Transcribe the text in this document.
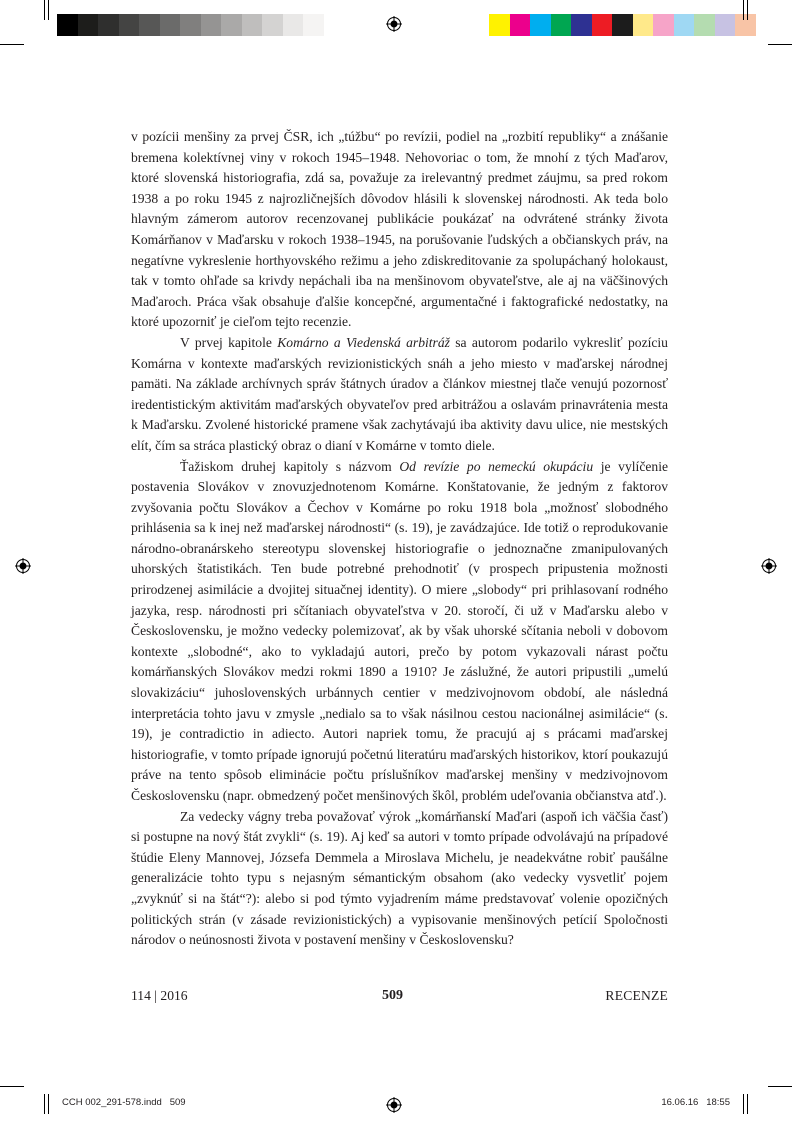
v pozícii menšiny za prvej ČSR, ich „túžbu“ po revízii, podiel na „rozbití republiky“ a znášanie bremena kolektívnej viny v rokoch 1945–1948. Nehovoriac o tom, že mnohí z tých Maďarov, ktoré slovenská historiografia, zdá sa, považuje za irelevantný predmet záujmu, sa pred rokom 1938 a po roku 1945 z najrozličnejších dôvodov hlásili k slovenskej národnosti. Ak teda bolo hlavným zámerom autorov recenzovanej publikácie poukázať na odvrátené stránky života Komárňanov v Maďarsku v rokoch 1938–1945, na porušovanie ľudských a občianskych práv, na negatívne vykreslenie horthyovského režimu a jeho zdiskreditovanie za spolupáchaný holokaust, tak v tomto ohľade sa krivdy nepáchali iba na menšinovom obyvateľstve, ale aj na väčšinových Maďaroch. Práca však obsahuje ďalšie koncepčné, argumentačné i faktografické nedostatky, na ktoré upozorniť je cieľom tejto recenzie.

V prvej kapitole Komárno a Viedenská arbitráž sa autorom podarilo vykresliť pozíciu Komárna v kontexte maďarských revizionistických snáh a jeho miesto v maďarskej národnej pamäti. Na základe archívnych správ štátnych úradov a článkov miestnej tlače venujú pozornosť iredentistickým aktivitám maďarských obyvateľov pred arbitrážou a oslavám prinavrátenia mesta k Maďarsku. Zvolené historické pramene však zachytávajú iba aktivity davu ulice, nie mestských elít, čím sa stráca plastický obraz o dianí v Komárne v tomto diele.

Ťažiskom druhej kapitoly s názvom Od revízie po nemeckú okupáciu je vylíčenie postavenia Slovákov v znovuzjednotenom Komárne. Konštatovanie, že jedným z faktorov zvyšovania počtu Slovákov a Čechov v Komárne po roku 1918 bola „možnosť slobodného prihlásenia sa k inej než maďarskej národnosti“ (s. 19), je zavádzajúce. Ide totiž o reprodukovanie národno-obranárskeho stereotypu slovenskej historiografie o jednoznačne zmanipulovaných uhorských štatistikách. Ten bude potrebné prehodnotiť (v prospech pripustenia možnosti prirodzenej asimilácie a dvojitej situačnej identity). O miere „slobody“ pri prihlasovaní rodného jazyka, resp. národnosti pri sčítaniach obyvateľstva v 20. storočí, či už v Maďarsku alebo v Československu, je možno vedecky polemizovať, ak by však uhorské sčítania neboli v dobovom kontexte „slobodné“, ako to vykladajú autori, prečo by potom vykazovali nárast počtu komárňanských Slovákov medzi rokmi 1890 a 1910? Je záslužné, že autori pripustili „umelú slovakizáciu“ juhoslovenských urbánnych centier v medzivojnovom období, ale následná interpretácia tohto javu v zmysle „nedialo sa to však násilnou cestou nacionálnej asimilácie“ (s. 19), je contradictio in adiecto. Autori napriek tomu, že pracujú aj s prácami maďarskej historiografie, v tomto prípade ignorujú početnú literatúru maďarských historikov, ktorí poukazujú práve na tento spôsob eliminácie počtu príslušníkov maďarskej menšiny v medzivojnovom Československu (napr. obmedzený počet menšinových škôl, problém udeľovania občianstva atď.).

Za vedecky vágny treba považovať výrok „komárňanskí Maďari (aspoň ich väčšia časť) si postupne na nový štát zvykli“ (s. 19). Aj keď sa autori v tomto prípade odvolávajú na prípadové štúdie Eleny Mannovej, Józsefa Demmela a Miroslava Michelu, je neadekvátne robiť paušálne generalizácie tohto typu s nejasným sémantickým obsahom (ako vedecky vysvetliť pojem „zvyknúť si na štát“?): alebo si pod týmto vyjadrením máme predstavovať volenie opozičných politických strán (v zásade revizionistických) a vypisovanie menšinových petícií Spoločnosti národov o neúnosnosti života v postavení menšiny v Československu?

114 | 2016	509	RECENZE
CCH 002_291-578.indd   509	16.06.16   18:55
